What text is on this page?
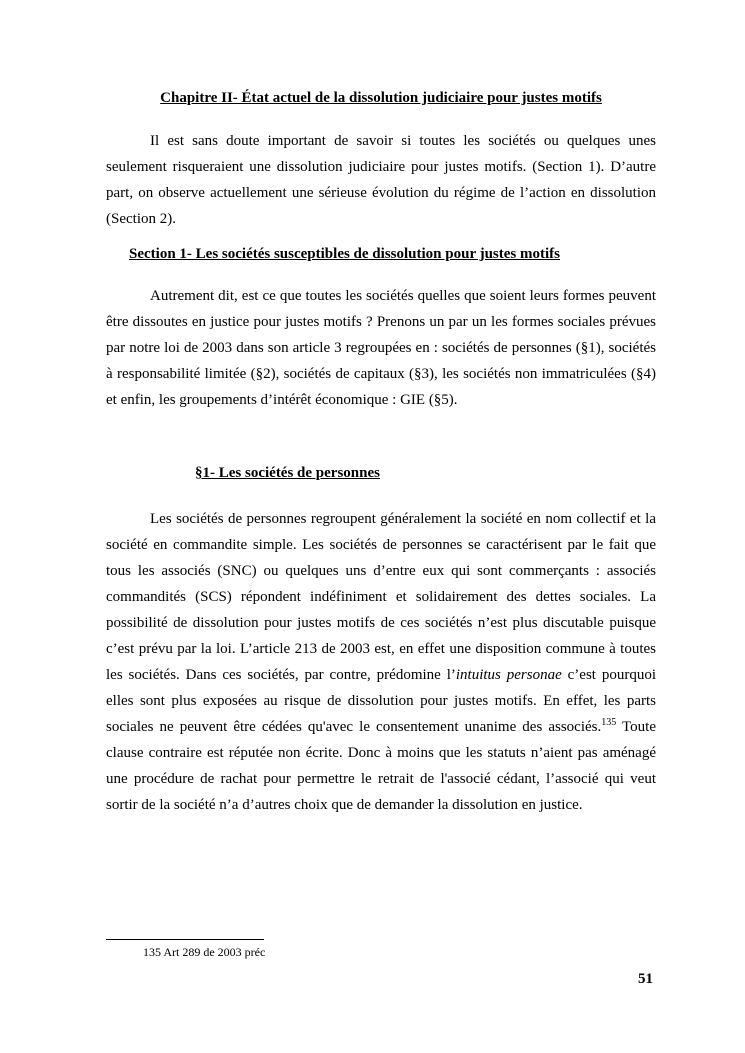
Chapitre II- État actuel de la dissolution judiciaire pour justes motifs

Il est sans doute important de savoir si toutes les sociétés ou quelques unes seulement risqueraient une dissolution judiciaire pour justes motifs. (Section 1). D’autre part, on observe actuellement une sérieuse évolution du régime de l’action en dissolution (Section 2).

Section 1- Les sociétés susceptibles de dissolution pour justes motifs

Autrement dit, est ce que toutes les sociétés quelles que soient leurs formes peuvent être dissoutes en justice pour justes motifs ? Prenons un par un les formes sociales prévues par notre loi de 2003 dans son article 3 regroupées en : sociétés de personnes (§1), sociétés à responsabilité limitée (§2), sociétés de capitaux (§3), les sociétés non immatriculées (§4) et enfin, les groupements d’intérêt économique : GIE (§5).

§1- Les sociétés de personnes

Les sociétés de personnes regroupent généralement la société en nom collectif et la société en commandite simple. Les sociétés de personnes se caractérisent par le fait que tous les associés (SNC) ou quelques uns d’entre eux qui sont commerçants : associés commandités (SCS) répondent indéfiniment et solidairement des dettes sociales. La possibilité de dissolution pour justes motifs de ces sociétés n’est plus discutable puisque c’est prévu par la loi. L’article 213 de 2003 est, en effet une disposition commune à toutes les sociétés. Dans ces sociétés, par contre, prédomine l’intuitus personae c’est pourquoi elles sont plus exposées au risque de dissolution pour justes motifs. En effet, les parts sociales ne peuvent être cédées qu'avec le consentement unanime des associés.$^{135}$ Toute clause contraire est réputée non écrite. Donc à moins que les statuts n’aient pas aménagé une procédure de rachat pour permettre le retrait de l'associé cédant, l’associé qui veut sortir de la société n’a d’autres choix que de demander la dissolution en justice.

135 Art 289 de 2003 préc
51
